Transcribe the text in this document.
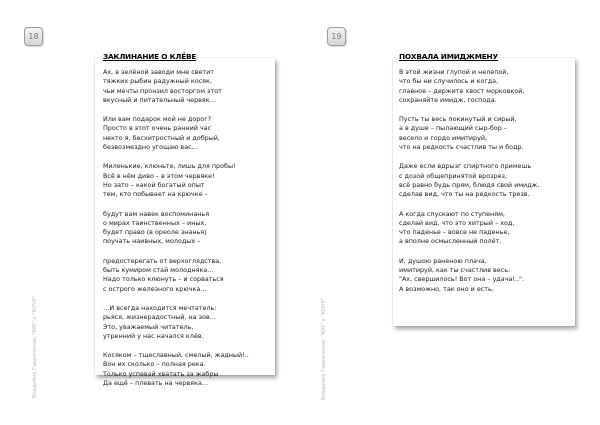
18
Владимир Гаврилюков, "КЮ" и "КОЧУ"
ЗАКЛИНАНИЕ О КЛЁВЕ
Ах, в зелёной заводи мне светит
тяжких рыбин радужный косяк,
чьи мечты пронзил восторгом этот
вкусный и питательный червяк…
Или вам подарок мой не дорог?
Просто в этот очень ранний час
некто я, бесхитростный и добрый,
безвозмездно угощаю вас…
Миленькие, клюньте, лишь для пробы!
Всё в нём диво – в этом червяке!
Но зато – какой богатый опыт
тем, кто побывает на крючке –
будут вам навек воспоминанья
о мирах таинственных – иных,
будет право (в ореоле знанья)
поучать наивных, молодых –
предостерегать от верхоглядства,
быть кумиром стай молодняка…
Надо только клюнуть – и сорваться
с острого железного крючка…
…И всегда находится мечтатель:
рьяся, жизнерадостный, на зов…
Это, уважаемый читатель,
утренний у нас начался клёв.
Косяком – тщеславный, смелый, жадный!..
Вон их сколько – полная река.
Только успевай хватать за жабры
Да ещё – плевать на червяка…
19
Владимир Гаврилюков, "КЮ" и "КОЧУ"
ПОХВАЛА ИМИДЖМЕНУ
В этой жизни глупой и нелепой,
что бы ни случилось и когда,
главное – держите хвост морковкой,
сохраняйте имидж, господа.
Пусть ты весь покинутый и сирый,
а в душе – пылающий сыр-бор –
весело и гордо имитируй,
что на редкость счастлив ты и бодр.
Даже если вдрызг спиртного примешь
с дозой общепринятой врозрез,
всё равно будь прям, блюдя свой имидж,
сделав вид, что ты на редкость трезв.
А когда спускают по ступеням,
сделай вид, что это хитрый – ход,
что паденье – вовсе не паденье,
а вполне осмысленный полёт.
И, душою раненою плача,
имитируй, как ты счастлив весь:
"Ах, свершилось! Вот она – удача!..".
А возможно, так оно и есть.
